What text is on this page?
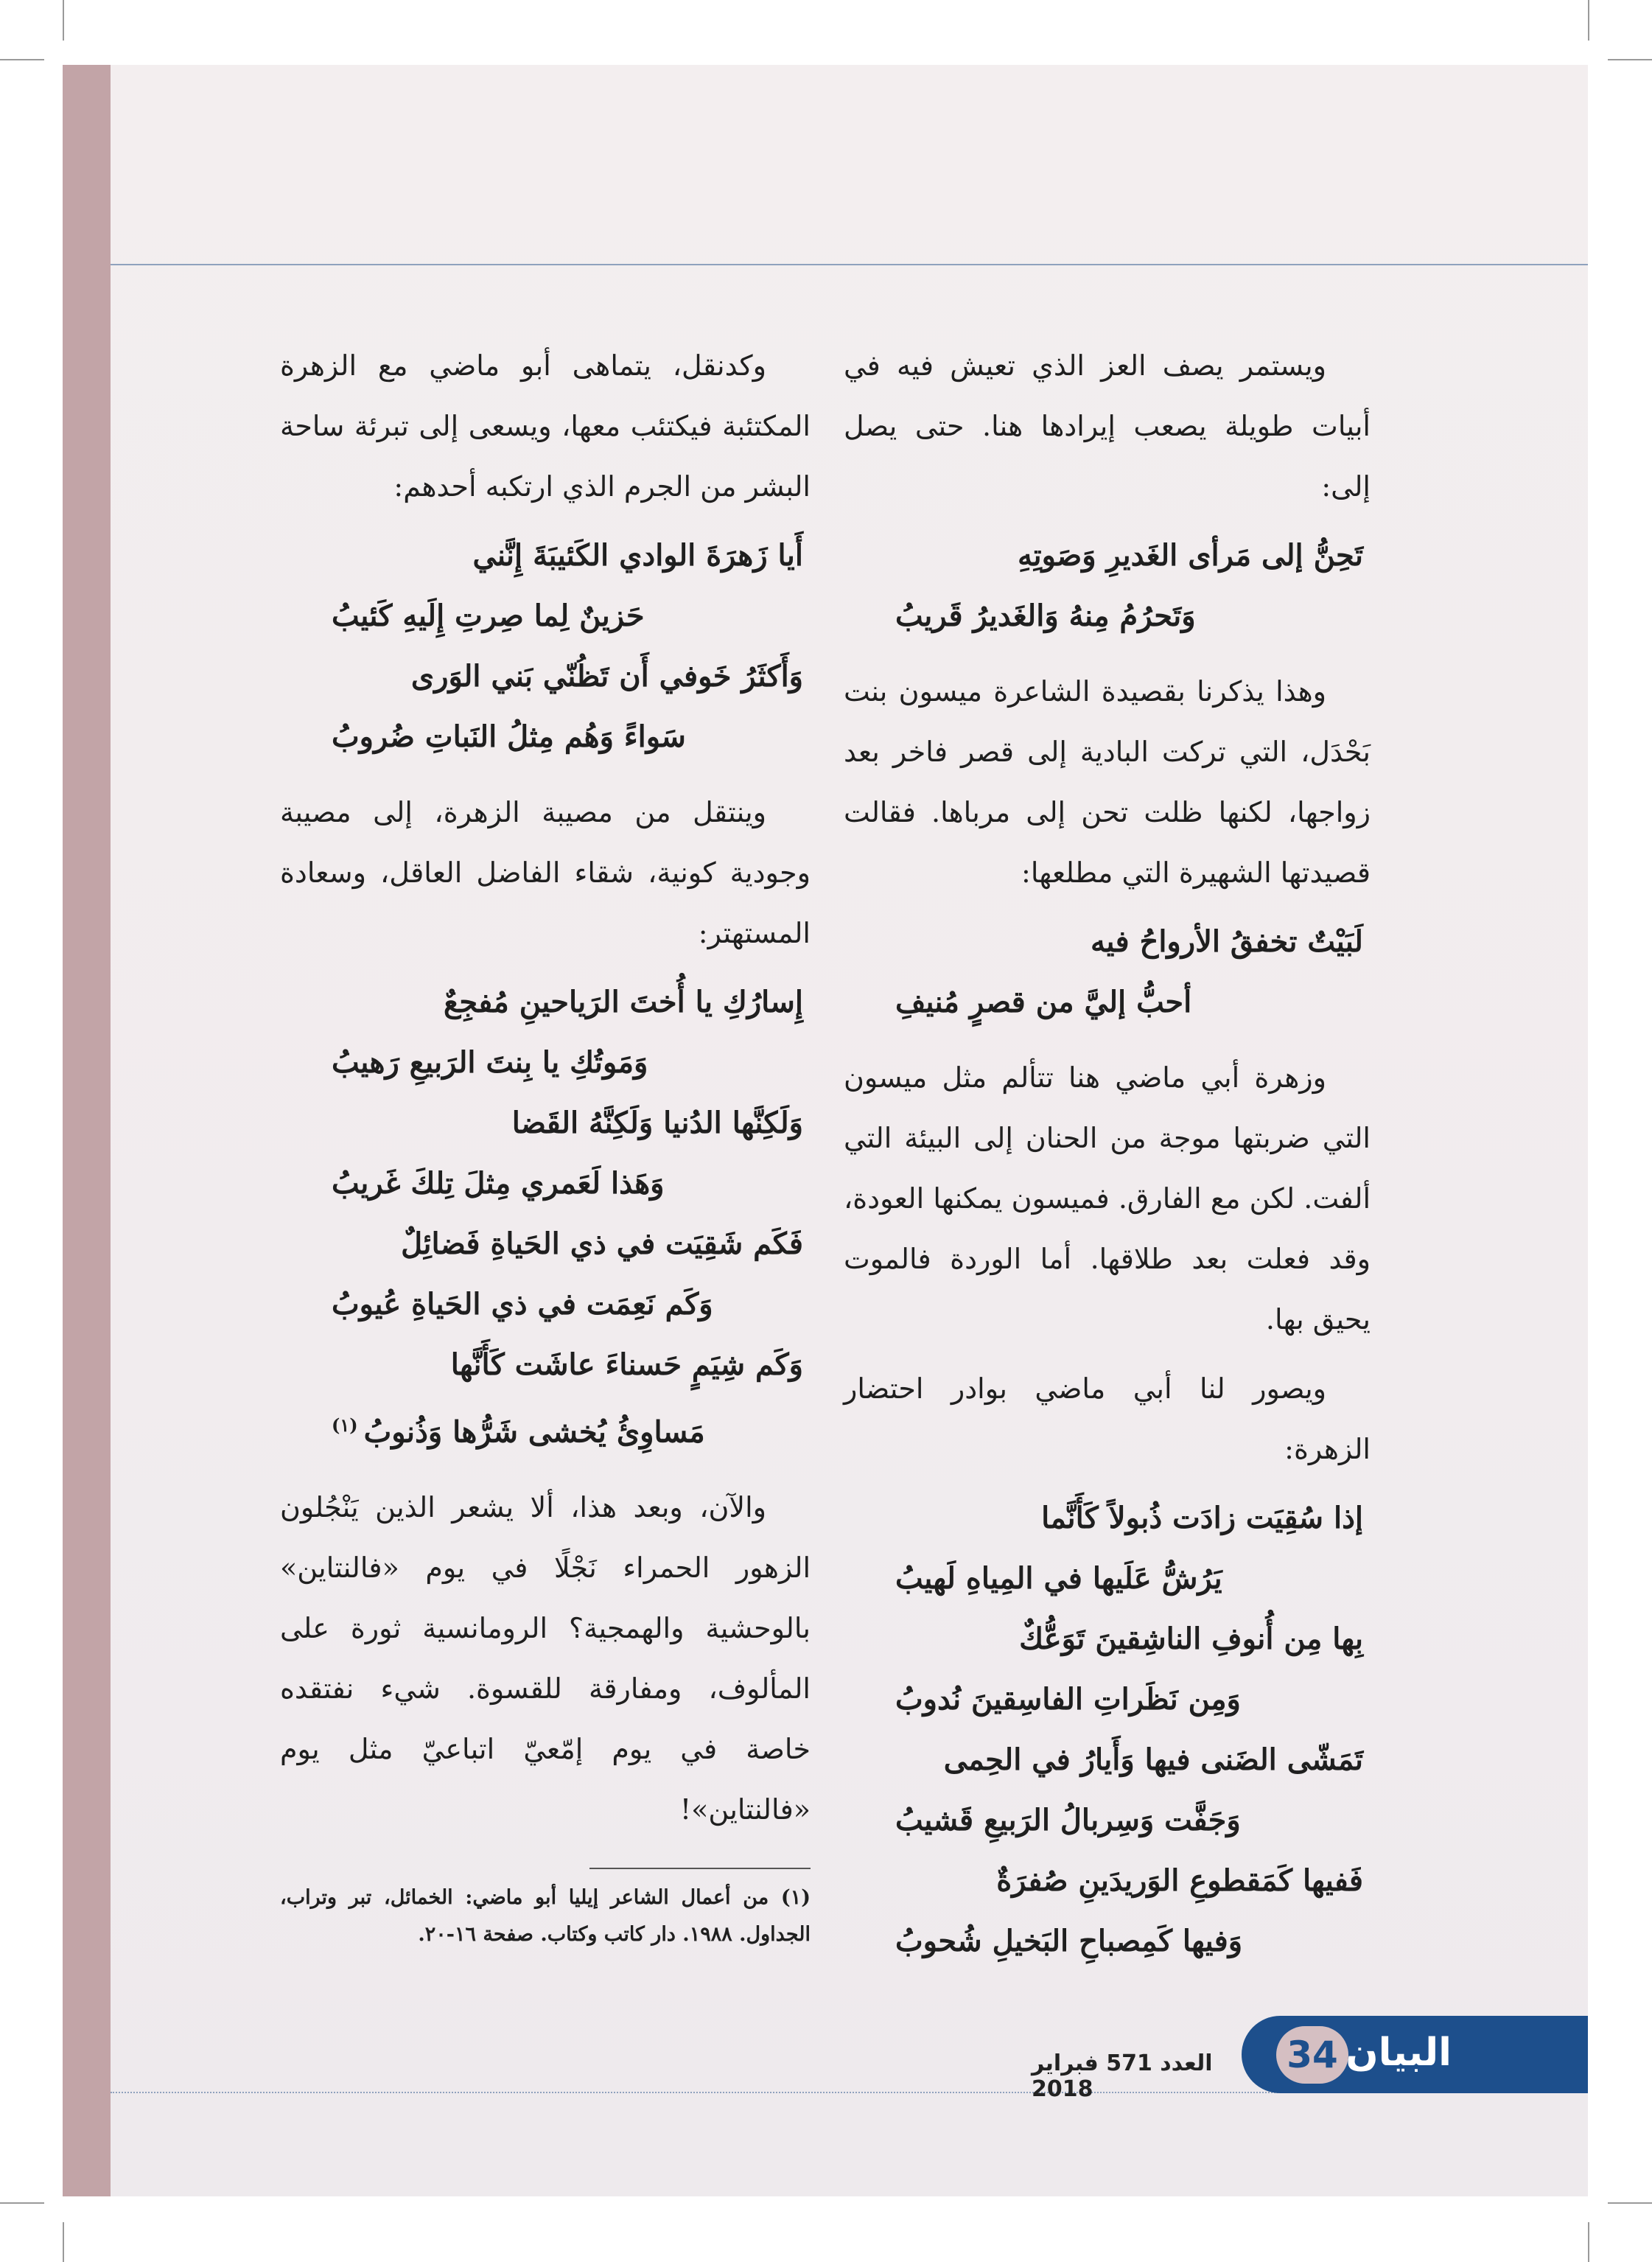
ويستمر يصف العز الذي تعيش فيه في أبيات طويلة يصعب إيرادها هنا. حتى يصل إلى:

تَحِنُّ إلى مَرأى الغَديرِ وَصَوتِهِ

وَتَحرُمُ مِنهُ وَالغَديرُ قَريبُ

وهذا يذكرنا بقصيدة الشاعرة ميسون بنت بَحْدَل، التي تركت البادية إلى قصر فاخر بعد زواجها، لكنها ظلت تحن إلى مرباها. فقالت قصيدتها الشهيرة التي مطلعها:

لَبَيْتٌ تخفقُ الأرواحُ فيه

أحبُّ إليَّ من قصرٍ مُنيفِ

وزهرة أبي ماضي هنا تتألم مثل ميسون التي ضربتها موجة من الحنان إلى البيئة التي ألفت. لكن مع الفارق. فميسون يمكنها العودة، وقد فعلت بعد طلاقها. أما الوردة فالموت يحيق بها.

ويصور لنا أبي ماضي بوادر احتضار الزهرة:

إذا سُقِيَت زادَت ذُبولاً كَأَنَّما

يَرُشُّ عَلَيها في المِياهِ لَهيبُ

بِها مِن أُنوفِ الناشِقينَ تَوَعُّكٌ

وَمِن نَظَراتِ الفاسِقينَ نُدوبُ

تَمَشّى الضَنى فيها وَأَيارُ في الحِمى

وَجَفَّت وَسِربالُ الرَبيعِ قَشيبُ

فَفيها كَمَقطوعِ الوَريدَينِ صُفرَةٌ

وَفيها كَمِصباحِ البَخيلِ شُحوبُ

وكدنقل، يتماهى أبو ماضي مع الزهرة المكتئبة فيكتئب معها، ويسعى إلى تبرئة ساحة البشر من الجرم الذي ارتكبه أحدهم:

أَيا زَهرَةَ الوادي الكَئيبَةَ إِنَّني

حَزينٌ لِما صِرتِ إِلَيهِ كَئيبُ

وَأَكثَرُ خَوفي أَن تَظُنّي بَني الوَرى

سَواءً وَهُم مِثلُ النَباتِ ضُروبُ

وينتقل من مصيبة الزهرة، إلى مصيبة وجودية كونية، شقاء الفاضل العاقل، وسعادة المستهتر:

إِسارُكِ يا أُختَ الرَياحينِ مُفجِعٌ

وَمَوتُكِ يا بِنتَ الرَبيعِ رَهيبُ

وَلَكِنَّها الدُنيا وَلَكِنَّهُ القَضا

وَهَذا لَعَمري مِثلَ تِلكَ غَريبُ

فَكَم شَقِيَت في ذي الحَياةِ فَضائِلٌ

وَكَم نَعِمَت في ذي الحَياةِ عُيوبُ

وَكَم شِيَمٍ حَسناءَ عاشَت كَأَنَّها

مَساوِئُ يُخشى شَرُّها وَذُنوبُ$^{(١)}$

والآن، وبعد هذا، ألا يشعر الذين يَنْجُلون الزهور الحمراء نَجْلًا في يوم «فالنتاين» بالوحشية والهمجية؟ الرومانسية ثورة على المألوف، ومفارقة للقسوة. شيء نفتقده خاصة في يوم إمّعيّ اتباعيّ مثل يوم «فالنتاين»!

(١) من أعمال الشاعر إيليا أبو ماضي: الخمائل، تبر وتراب، الجداول. ١٩٨٨. دار كاتب وكتاب. صفحة ١٦-٢٠.

34 البيان
العدد 571 فبراير 2018
